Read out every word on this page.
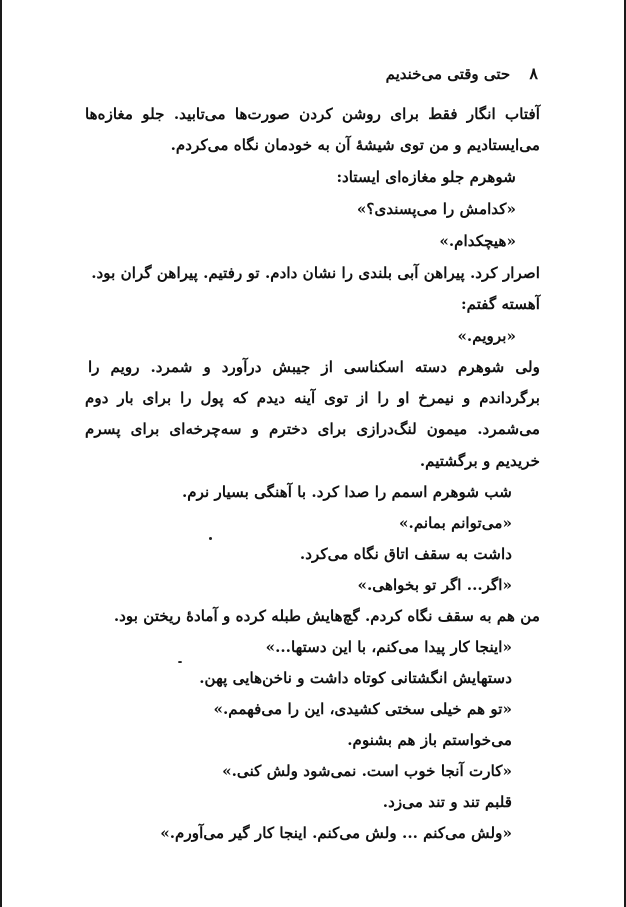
۸ حتی وقتی می‌خندیم
آفتاب انگار فقط برای روشن کردن صورت‌ها می‌تابید. جلو مغازه‌ها
می‌ایستادیم و من توی شیشهٔ آن به خودمان نگاه می‌کردم.
شوهرم جلو مغازه‌ای ایستاد:
«کدامش را می‌پسندی؟»
«هیچکدام.»
اصرار کرد. پیراهن آبی بلندی را نشان دادم. تو رفتیم. پیراهن گران بود.
آهسته گفتم:
«برویم.»
ولی شوهرم دسته اسکناسی از جیبش درآورد و شمرد. رویم را
برگرداندم و نیمرخ او را از توی آینه دیدم که پول را برای بار دوم
می‌شمرد. میمون لنگ‌درازی برای دخترم و سه‌چرخه‌ای برای پسرم
خریدیم و برگشتیم.
شب شوهرم اسمم را صدا کرد. با آهنگی بسیار نرم.
«می‌توانم بمانم.»
داشت به سقف اتاق نگاه می‌کرد.
«اگر... اگر تو بخواهی.»
من هم به سقف نگاه کردم. گچ‌هایش طبله کرده و آمادهٔ ریختن بود.
«اینجا کار پیدا می‌کنم، با این دستها...»
دستهایش انگشتانی کوتاه داشت و ناخن‌هایی پهن.
«تو هم خیلی سختی کشیدی، این را می‌فهمم.»
می‌خواستم باز هم بشنوم.
«کارت آنجا خوب است. نمی‌شود ولش کنی.»
قلبم تند و تند می‌زد.
«ولش می‌کنم ... ولش می‌کنم. اینجا کار گیر می‌آورم.»
